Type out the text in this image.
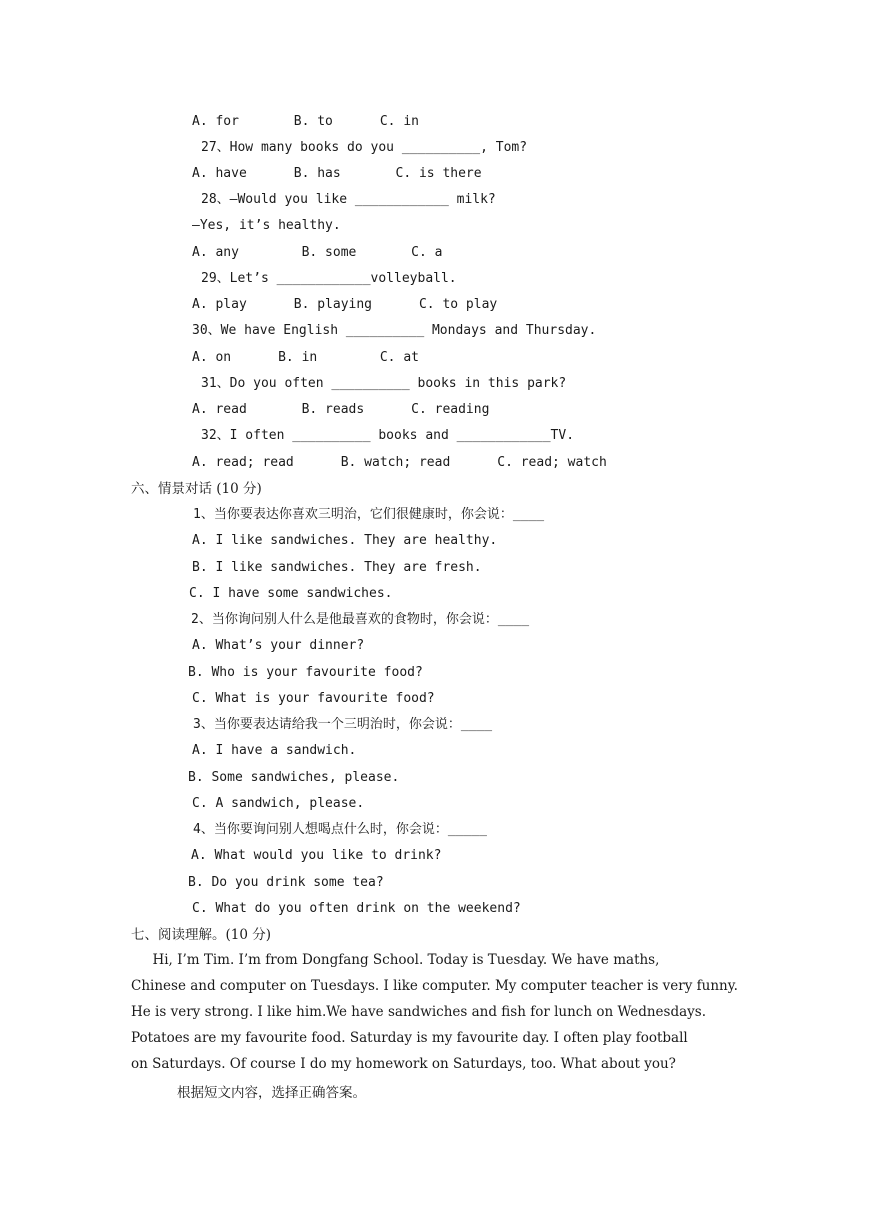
A. for       B. to      C. in
27、How many books do you __________, Tom?
A. have      B. has       C. is there
28、—Would you like ____________ milk?
—Yes, it’s healthy.
A. any        B. some       C. a
29、Let’s ____________volleyball.
A. play      B. playing      C. to play
30、We have English __________ Mondays and Thursday.
A. on      B. in        C. at
31、Do you often __________ books in this park?
A. read       B. reads      C. reading
32、I often __________ books and ____________TV.
A. read; read      B. watch; read      C. read; watch
六、情景对话 (10 分)
1、当你要表达你喜欢三明治，它们很健康时，你会说：____
A. I like sandwiches. They are healthy.
B. I like sandwiches. They are fresh.
C. I have some sandwiches.
2、当你询问别人什么是他最喜欢的食物时，你会说：____
A. What’s your dinner?
B. Who is your favourite food?
C. What is your favourite food?
3、当你要表达请给我一个三明治时，你会说：____
A. I have a sandwich.
B. Some sandwiches, please.
C. A sandwich, please.
4、当你要询问别人想喝点什么时，你会说：_____
A. What would you like to drink?
B. Do you drink some tea?
C. What do you often drink on the weekend?
七、阅读理解。(10 分)
Hi, I’m Tim. I’m from Dongfang School. Today is Tuesday. We have maths,
Chinese and computer on Tuesdays. I like computer. My computer teacher is very funny.
He is very strong. I like him.We have sandwiches and fish for lunch on Wednesdays.
Potatoes are my favourite food. Saturday is my favourite day. I often play football
on Saturdays. Of course I do my homework on Saturdays, too. What about you?
根据短文内容，选择正确答案。
